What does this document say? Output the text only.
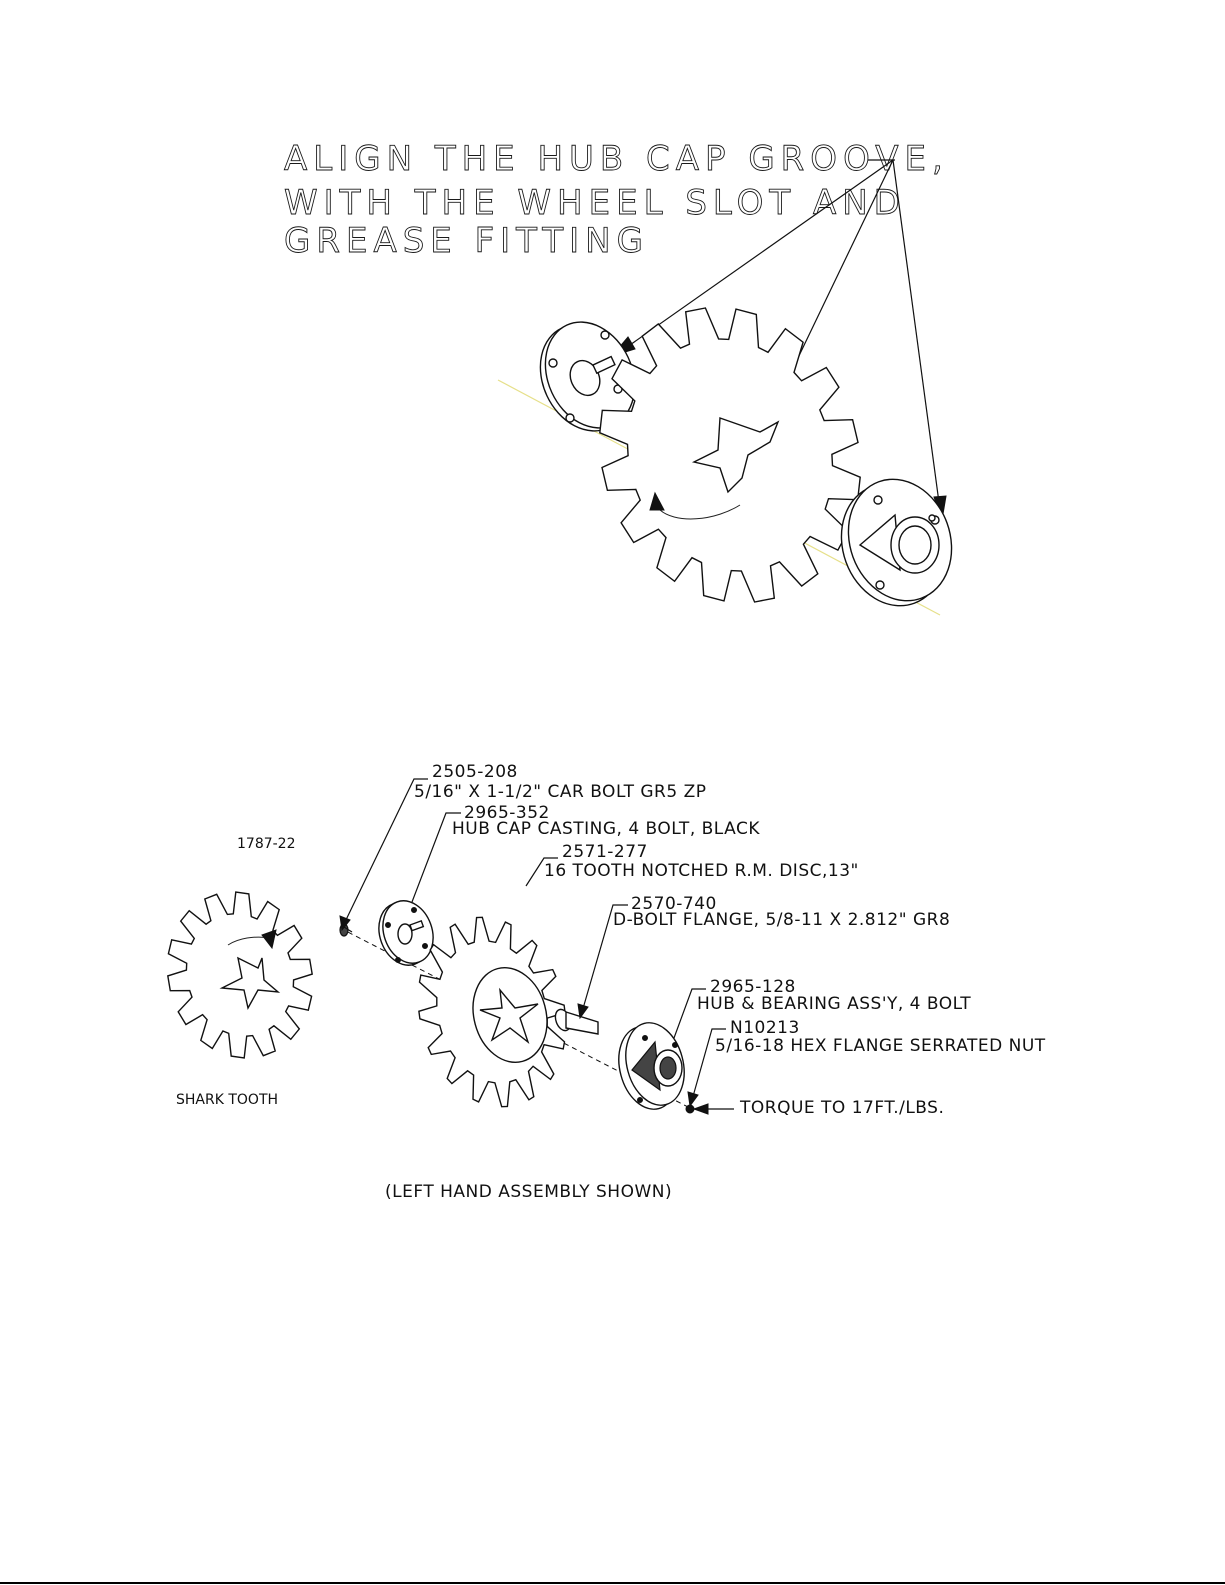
ALIGN THE HUB CAP GROOVE,
WITH THE WHEEL SLOT AND
GREASE FITTING
1787-22
SHARK TOOTH
2505-208
5/16" X 1-1/2" CAR BOLT GR5 ZP
2965-352
HUB CAP CASTING, 4 BOLT, BLACK
2571-277
16 TOOTH NOTCHED R.M. DISC,13"
2570-740
D-BOLT FLANGE, 5/8-11 X 2.812" GR8
2965-128
HUB & BEARING ASS'Y, 4 BOLT
N10213
5/16-18 HEX FLANGE SERRATED NUT
TORQUE TO 17FT./LBS.
(LEFT HAND ASSEMBLY SHOWN)
